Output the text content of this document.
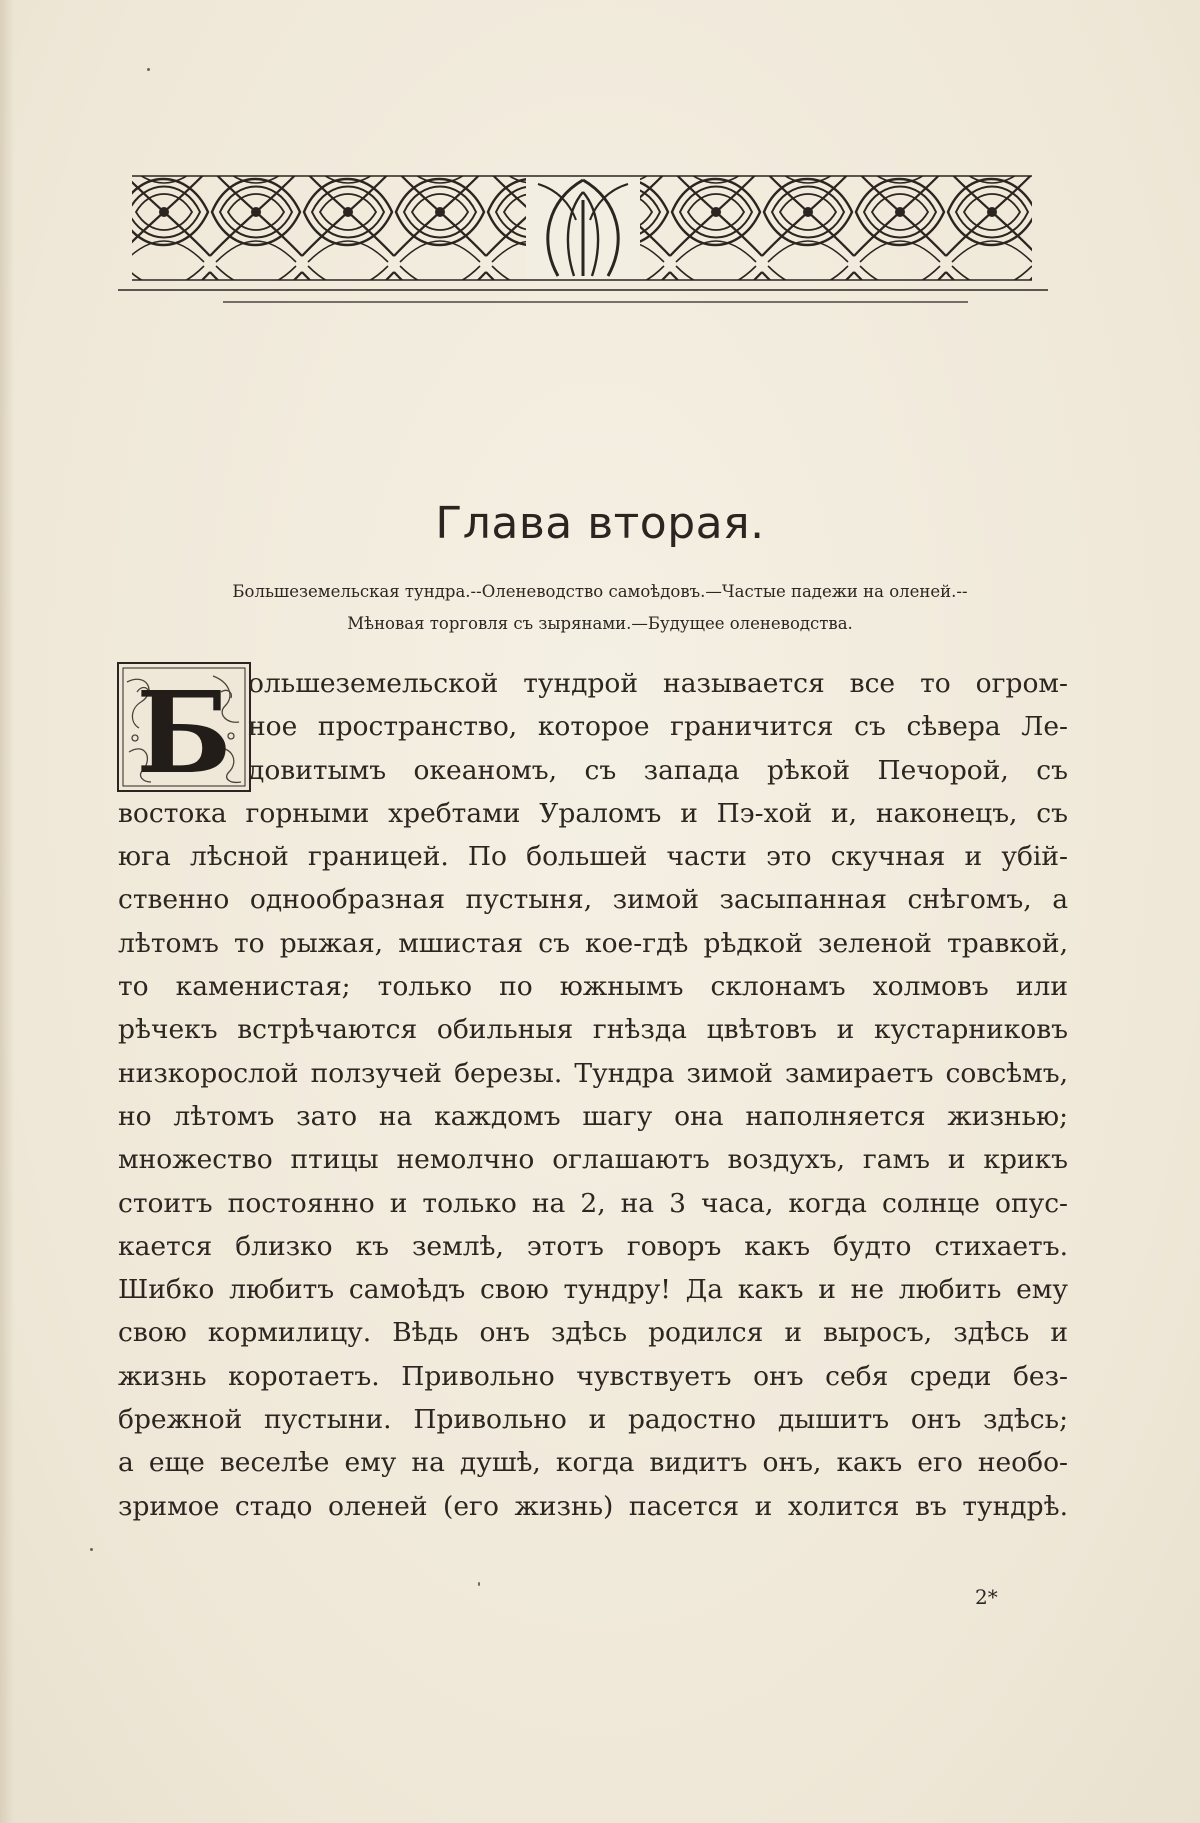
Глава вторая.
Большеземельская тундра.--Оленеводство самоѣдовъ.—Частые падежи на оленей.--
Мѣновая торговля съ зырянами.—Будущее оленеводства.
Б ольшеземельской тундрой называется все то огром-
ное пространство, которое граничится съ сѣвера Ле-
довитымъ океаномъ, съ запада рѣкой Печорой, съ
востока горными хребтами Ураломъ и Пэ-хой и, наконецъ, съ
юга лѣсной границей. По большей части это скучная и убій-
ственно однообразная пустыня, зимой засыпанная снѣгомъ, а
лѣтомъ то рыжая, мшистая съ кое-гдѣ рѣдкой зеленой травкой,
то каменистая; только по южнымъ склонамъ холмовъ или
рѣчекъ встрѣчаются обильныя гнѣзда цвѣтовъ и кустарниковъ
низкорослой ползучей березы. Тундра зимой замираетъ совсѣмъ,
но лѣтомъ зато на каждомъ шагу она наполняется жизнью;
множество птицы немолчно оглашаютъ воздухъ, гамъ и крикъ
стоитъ постоянно и только на 2, на 3 часа, когда солнце опус-
кается близко къ землѣ, этотъ говоръ какъ будто стихаетъ.
Шибко любитъ самоѣдъ свою тундру! Да какъ и не любить ему
свою кормилицу. Вѣдь онъ здѣсь родился и выросъ, здѣсь и
жизнь коротаетъ. Привольно чувствуетъ онъ себя среди без-
брежной пустыни. Привольно и радостно дышитъ онъ здѣсь;
а еще веселѣе ему на душѣ, когда видитъ онъ, какъ его необо-
зримое стадо оленей (его жизнь) пасется и холится въ тундрѣ.
2*
